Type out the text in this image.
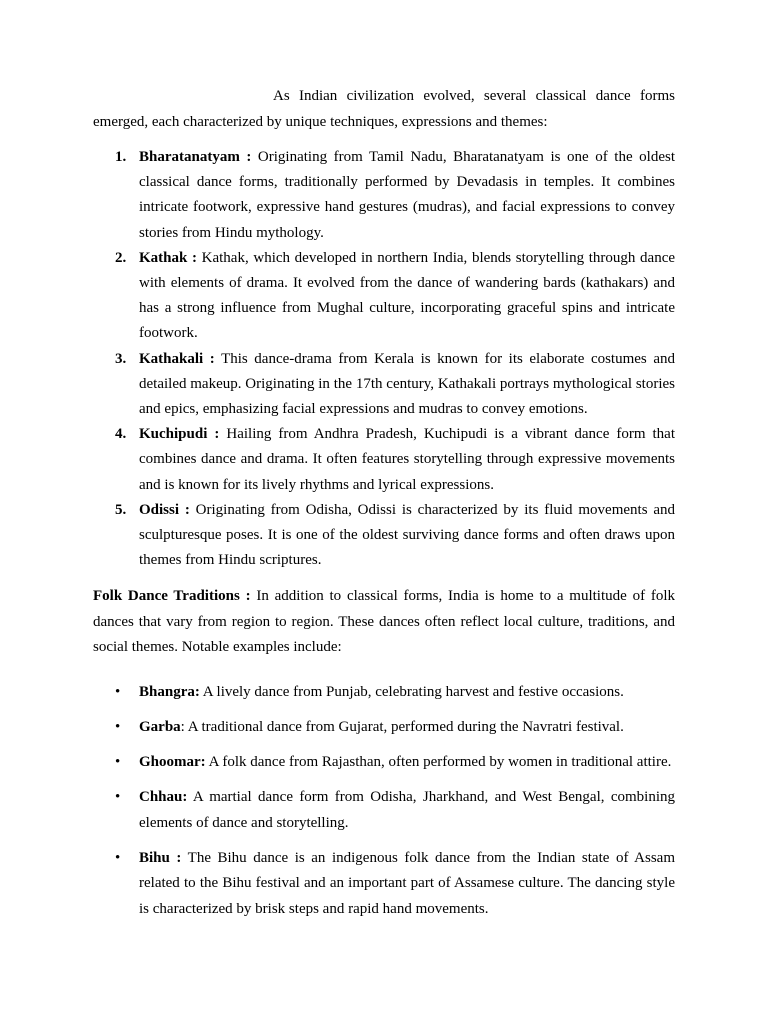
As Indian civilization evolved, several classical dance forms emerged, each characterized by unique techniques, expressions and themes:

1. Bharatanatyam : Originating from Tamil Nadu, Bharatanatyam is one of the oldest classical dance forms, traditionally performed by Devadasis in temples. It combines intricate footwork, expressive hand gestures (mudras), and facial expressions to convey stories from Hindu mythology.
2. Kathak : Kathak, which developed in northern India, blends storytelling through dance with elements of drama. It evolved from the dance of wandering bards (kathakars) and has a strong influence from Mughal culture, incorporating graceful spins and intricate footwork.
3. Kathakali : This dance-drama from Kerala is known for its elaborate costumes and detailed makeup. Originating in the 17th century, Kathakali portrays mythological stories and epics, emphasizing facial expressions and mudras to convey emotions.
4. Kuchipudi : Hailing from Andhra Pradesh, Kuchipudi is a vibrant dance form that combines dance and drama. It often features storytelling through expressive movements and is known for its lively rhythms and lyrical expressions.
5. Odissi : Originating from Odisha, Odissi is characterized by its fluid movements and sculpturesque poses. It is one of the oldest surviving dance forms and often draws upon themes from Hindu scriptures.

Folk Dance Traditions : In addition to classical forms, India is home to a multitude of folk dances that vary from region to region. These dances often reflect local culture, traditions, and social themes. Notable examples include:

• Bhangra: A lively dance from Punjab, celebrating harvest and festive occasions.
• Garba: A traditional dance from Gujarat, performed during the Navratri festival.
• Ghoomar: A folk dance from Rajasthan, often performed by women in traditional attire.
• Chhau: A martial dance form from Odisha, Jharkhand, and West Bengal, combining elements of dance and storytelling.
• Bihu : The Bihu dance is an indigenous folk dance from the Indian state of Assam related to the Bihu festival and an important part of Assamese culture. The dancing style is characterized by brisk steps and rapid hand movements.
